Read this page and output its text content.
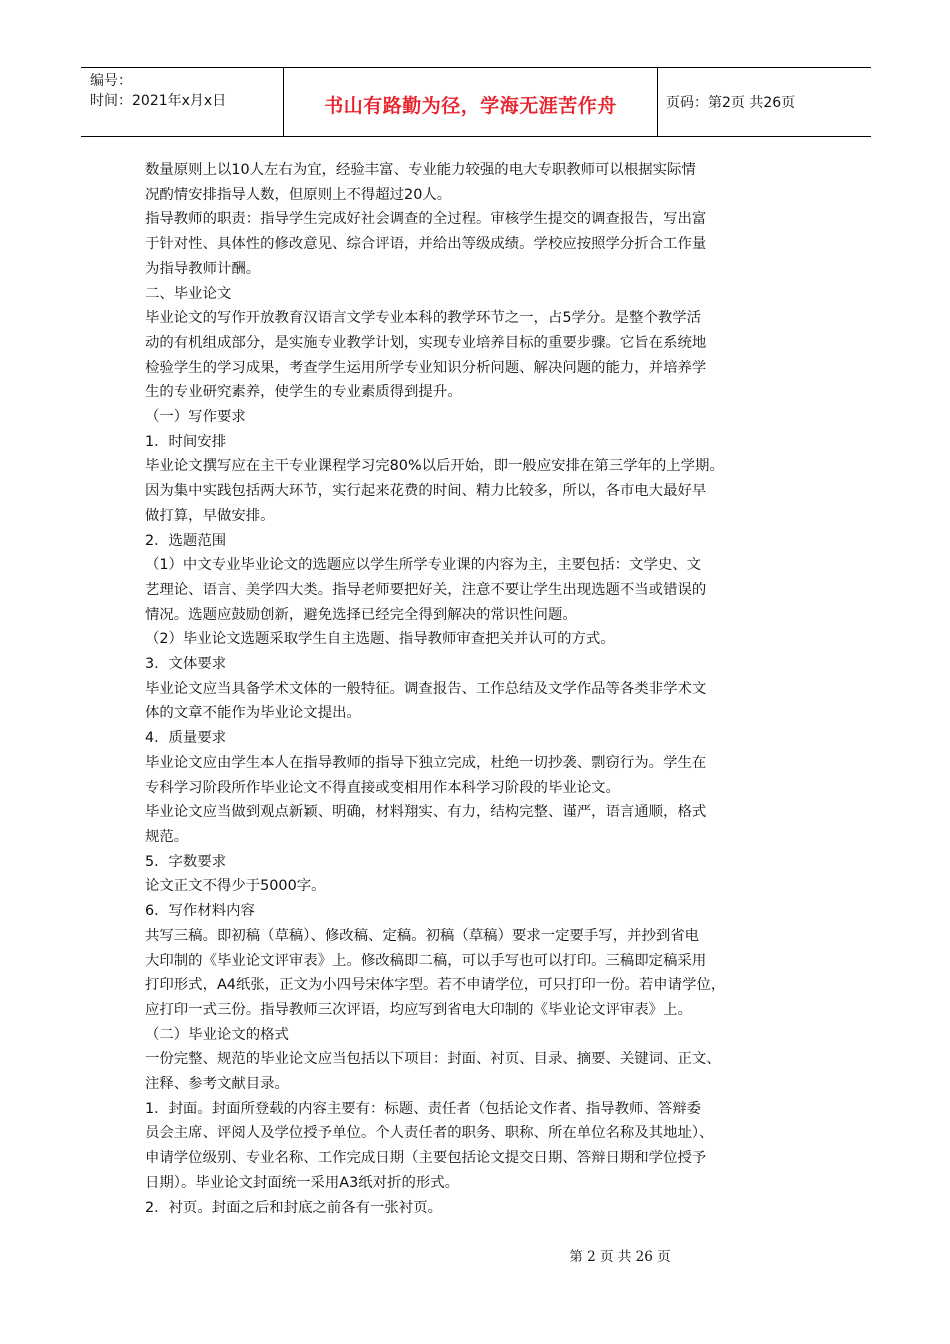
编号：
时间：2021年x月x日	书山有路勤为径，学海无涯苦作舟	页码：第2页 共26页

数量原则上以10人左右为宜，经验丰富、专业能力较强的电大专职教师可以根据实际情

况酌情安排指导人数，但原则上不得超过20人。

指导教师的职责：指导学生完成好社会调查的全过程。审核学生提交的调查报告，写出富

于针对性、具体性的修改意见、综合评语，并给出等级成绩。学校应按照学分折合工作量

为指导教师计酬。

二、毕业论文

毕业论文的写作开放教育汉语言文学专业本科的教学环节之一，占5学分。是整个教学活

动的有机组成部分，是实施专业教学计划，实现专业培养目标的重要步骤。它旨在系统地

检验学生的学习成果，考查学生运用所学专业知识分析问题、解决问题的能力，并培养学

生的专业研究素养，使学生的专业素质得到提升。

（一）写作要求

1．时间安排

毕业论文撰写应在主干专业课程学习完80%以后开始，即一般应安排在第三学年的上学期。

因为集中实践包括两大环节，实行起来花费的时间、精力比较多，所以，各市电大最好早

做打算，早做安排。

2．选题范围

（1）中文专业毕业论文的选题应以学生所学专业课的内容为主，主要包括：文学史、文

艺理论、语言、美学四大类。指导老师要把好关，注意不要让学生出现选题不当或错误的

情况。选题应鼓励创新，避免选择已经完全得到解决的常识性问题。

（2）毕业论文选题采取学生自主选题、指导教师审查把关并认可的方式。

3．文体要求

毕业论文应当具备学术文体的一般特征。调查报告、工作总结及文学作品等各类非学术文

体的文章不能作为毕业论文提出。

4．质量要求

毕业论文应由学生本人在指导教师的指导下独立完成，杜绝一切抄袭、剽窃行为。学生在

专科学习阶段所作毕业论文不得直接或变相用作本科学习阶段的毕业论文。

毕业论文应当做到观点新颖、明确，材料翔实、有力，结构完整、谨严，语言通顺，格式

规范。

5．字数要求

论文正文不得少于5000字。

6．写作材料内容

共写三稿。即初稿（草稿）、修改稿、定稿。初稿（草稿）要求一定要手写，并抄到省电

大印制的《毕业论文评审表》上。修改稿即二稿，可以手写也可以打印。三稿即定稿采用

打印形式，A4纸张，正文为小四号宋体字型。若不申请学位，可只打印一份。若申请学位，

应打印一式三份。指导教师三次评语，均应写到省电大印制的《毕业论文评审表》上。

（二）毕业论文的格式

一份完整、规范的毕业论文应当包括以下项目：封面、衬页、目录、摘要、关键词、正文、

注释、参考文献目录。

1．封面。封面所登载的内容主要有：标题、责任者（包括论文作者、指导教师、答辩委

员会主席、评阅人及学位授予单位。个人责任者的职务、职称、所在单位名称及其地址）、

申请学位级别、专业名称、工作完成日期（主要包括论文提交日期、答辩日期和学位授予

日期）。毕业论文封面统一采用A3纸对折的形式。

2．衬页。封面之后和封底之前各有一张衬页。

第 2 页 共 26 页
